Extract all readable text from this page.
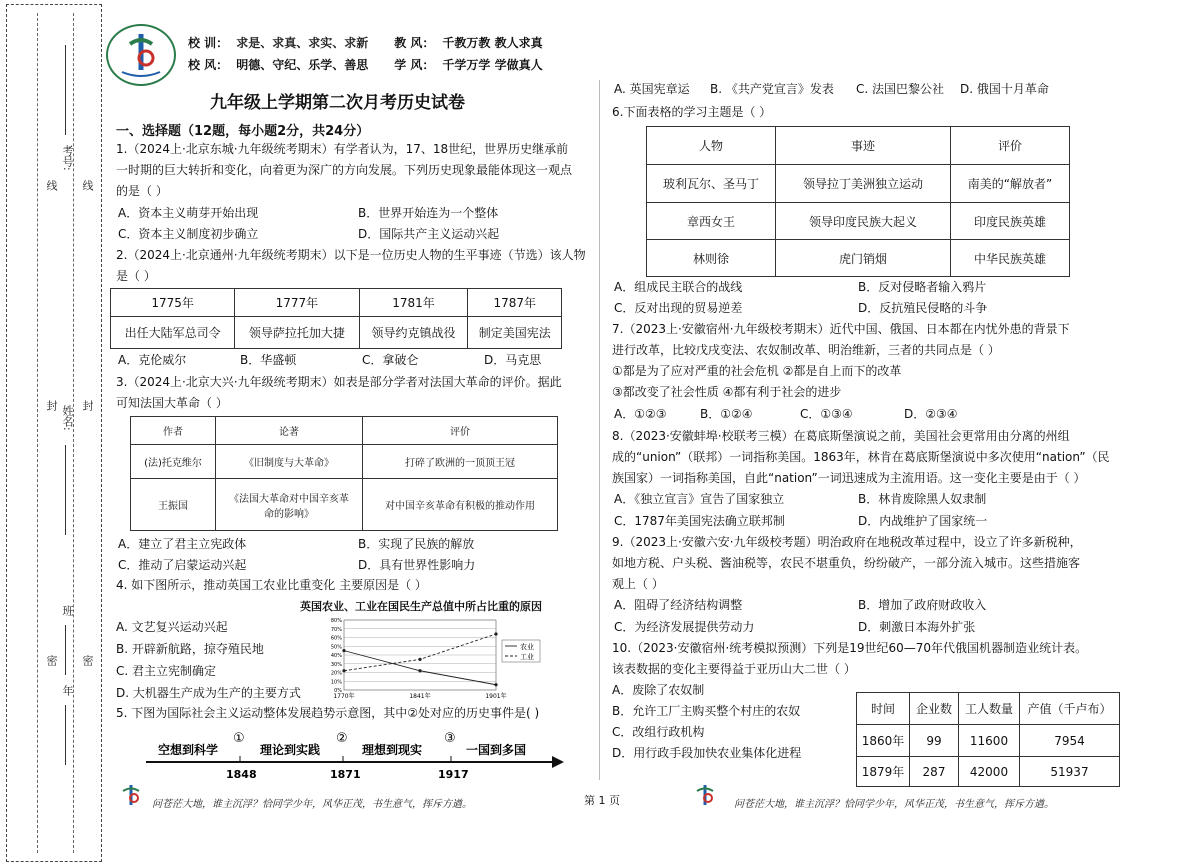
考号:
姓名:
班
年
线
封
密
线
封
密
校 训： 求是、求真、求实、求新 教 风： 千教万教 教人求真
校 风： 明德、守纪、乐学、善思 学 风： 千学万学 学做真人
九年级上学期第二次月考历史试卷
一、选择题（12题，每小题2分，共24分）
1.（2024上·北京东城·九年级统考期末）有学者认为，17、18世纪，世界历史继承前
一时期的巨大转折和变化，向着更为深广的方向发展。下列历史现象最能体现这一观点
的是（ ）
A．资本主义萌芽开始出现	B．世界开始连为一个整体
C．资本主义制度初步确立	D．国际共产主义运动兴起
2.（2024上·北京通州·九年级统考期末）以下是一位历史人物的生平事迹（节选）该人物
是（ ）
1775年	1777年	1781年	1787年
出任大陆军总司令	领导萨拉托加大捷	领导约克镇战役	制定美国宪法
A．克伦威尔	B．华盛顿	C．拿破仑	D．马克思
3.（2024上·北京大兴·九年级统考期末）如表是部分学者对法国大革命的评价。据此
可知法国大革命（ ）
作者	论著	评价
(法)托克维尔	《旧制度与大革命》	打碎了欧洲的一顶顶王冠
王振国	《法国大革命对中国辛亥革命的影响》	对中国辛亥革命有积极的推动作用
A．建立了君主立宪政体	B．实现了民族的解放
C．推动了启蒙运动兴起	D．具有世界性影响力
4. 如下图所示，推动英国工农业比重变化 主要原因是（ ）
A. 文艺复兴运动兴起
B. 开辟新航路，掠夺殖民地
C. 君主立宪制确定
D. 大机器生产成为生产的主要方式
英国农业、工业在国民生产总值中所占比重的原因
0%
10%
20%
30%
40%
50%
60%
70%
80%
1770年	1841年	1901年
农业
工业
5. 下图为国际社会主义运动整体发展趋势示意图，其中②处对应的历史事件是( )
空想到科学	理论到实践	理想到现实	一国到多国
①	②	③
1848	1871	1917
A. 英国宪章运 B. 《共产党宣言》发表 C. 法国巴黎公社 D. 俄国十月革命
6.下面表格的学习主题是（ ）
人物	事迹	评价
玻利瓦尔、圣马丁	领导拉丁美洲独立运动	南美的“解放者”
章西女王	领导印度民族大起义	印度民族英雄
林则徐	虎门销烟	中华民族英雄
A．组成民主联合的战线	B．反对侵略者输入鸦片
C．反对出现的贸易逆差	D．反抗殖民侵略的斗争
7.（2023上·安徽宿州·九年级校考期末）近代中国、俄国、日本都在内忧外患的背景下
进行改革，比较戊戌变法、农奴制改革、明治维新，三者的共同点是（ ）
①都是为了应对严重的社会危机 ②都是自上而下的改革
③都改变了社会性质 ④都有利于社会的进步
A．①②③	B．①②④	C．①③④	D．②③④
8.（2023·安徽蚌埠·校联考三模）在葛底斯堡演说之前，美国社会更常用由分离的州组
成的“union”（联邦）一词指称美国。1863年，林肯在葛底斯堡演说中多次使用“nation”（民
族国家）一词指称美国，自此“nation”一词迅速成为主流用语。这一变化主要是由于（ ）
A．《独立宣言》宣告了国家独立	B．林肯废除黑人奴隶制
C．1787年美国宪法确立联邦制	D．内战维护了国家统一
9.（2023上·安徽六安·九年级校考题）明治政府在地税改革过程中，设立了许多新税种，
如地方税、户头税、酱油税等，农民不堪重负，纷纷破产，一部分流入城市。这些措施客
观上（ ）
A．阻碍了经济结构调整	B．增加了政府财政收入
C．为经济发展提供劳动力	D．刺激日本海外扩张
10.（2023·安徽宿州·统考模拟预测）下列是19世纪60—70年代俄国机器制造业统计表。
该表数据的变化主要得益于亚历山大二世（ ）
A．废除了农奴制
B．允许工厂主购买整个村庄的农奴
C．改组行政机构
D．用行政手段加快农业集体化进程
时间	企业数	工人数量	产值（千卢布）
1860年	99	11600	7954
1879年	287	42000	51937
问苍茫大地，谁主沉浮？恰同学少年，风华正茂，书生意气，挥斥方遒。	第 1 页	问苍茫大地，谁主沉浮？恰同学少年，风华正茂，书生意气，挥斥方遒。
